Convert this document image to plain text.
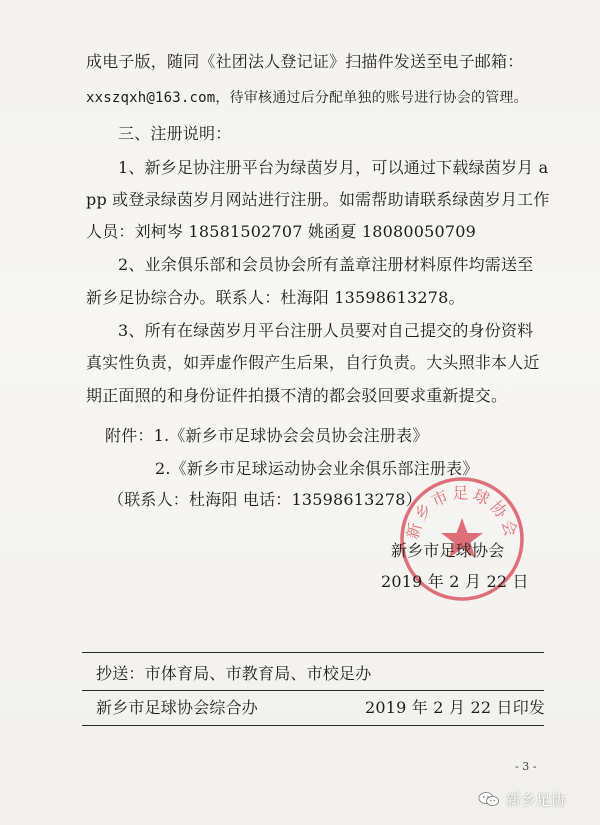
成电子版，随同《社团法人登记证》扫描件发送至电子邮箱：
xxszqxh@163.com，待审核通过后分配单独的账号进行协会的管理。
三、注册说明：
1、新乡足协注册平台为绿茵岁月，可以通过下载绿茵岁月 a
pp 或登录绿茵岁月网站进行注册。如需帮助请联系绿茵岁月工作
人员：刘柯岑 18581502707 姚函夏 18080050709
2、业余俱乐部和会员协会所有盖章注册材料原件均需送至
新乡足协综合办。联系人：杜海阳 13598613278。
3、所有在绿茵岁月平台注册人员要对自己提交的身份资料
真实性负责，如弄虚作假产生后果，自行负责。大头照非本人近
期正面照的和身份证件拍摄不清的都会驳回要求重新提交。
附件：1.《新乡市足球协会会员协会注册表》
2.《新乡市足球运动协会业余俱乐部注册表》
（联系人：杜海阳 电话：13598613278）
新乡市足球协会
新乡市足球协会
2019 年 2 月 22 日
抄送：市体育局、市教育局、市校足办
新乡市足球协会综合办	2019 年 2 月 22 日印发
- 3 -
新乡足协
